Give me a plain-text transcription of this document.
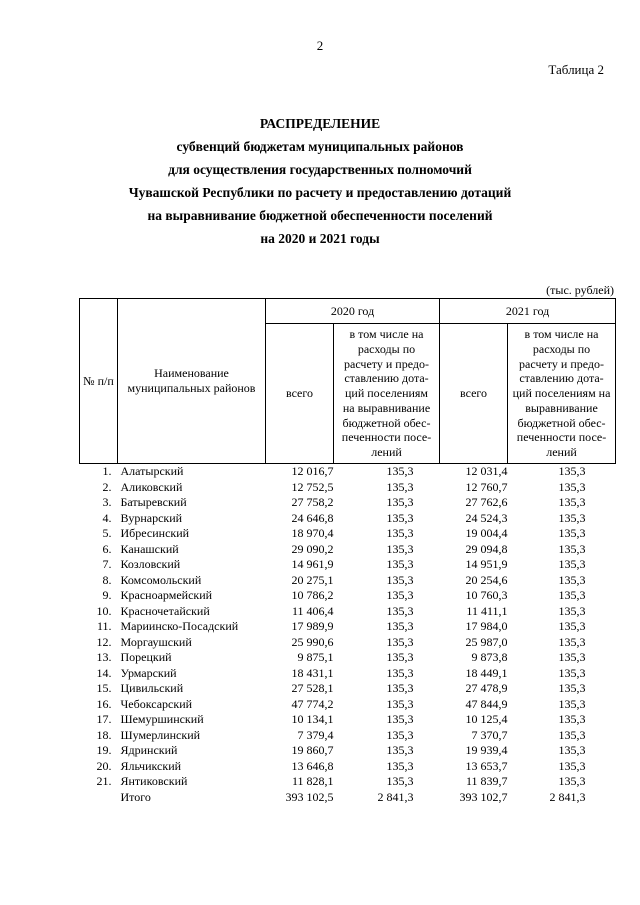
2
Таблица 2
РАСПРЕДЕЛЕНИЕ
субвенций бюджетам муниципальных районов
для осуществления государственных полномочий
Чувашской Республики по расчету и предоставлению дотаций
на выравнивание бюджетной обеспеченности поселений
на 2020 и 2021 годы
(тыс. рублей)
№ п/п	Наименование муниципальных районов	2020 год		2021 год	
		всего	в том числе на расходы по расчету и предо-ставлению дота-ций поселениям на выравнивание бюджетной обес-печенности посе-лений	всего	в том числе на расходы по расчету и предо-ставлению дота-ций поселениям на выравнивание бюджетной обес-печенности посе-лений
1.	Алатырский	12 016,7	135,3	12 031,4	135,3
2.	Аликовский	12 752,5	135,3	12 760,7	135,3
3.	Батыревский	27 758,2	135,3	27 762,6	135,3
4.	Вурнарский	24 646,8	135,3	24 524,3	135,3
5.	Ибресинский	18 970,4	135,3	19 004,4	135,3
6.	Канашский	29 090,2	135,3	29 094,8	135,3
7.	Козловский	14 961,9	135,3	14 951,9	135,3
8.	Комсомольский	20 275,1	135,3	20 254,6	135,3
9.	Красноармейский	10 786,2	135,3	10 760,3	135,3
10.	Красночетайский	11 406,4	135,3	11 411,1	135,3
11.	Мариинско-Посадский	17 989,9	135,3	17 984,0	135,3
12.	Моргаушский	25 990,6	135,3	25 987,0	135,3
13.	Порецкий	9 875,1	135,3	9 873,8	135,3
14.	Урмарский	18 431,1	135,3	18 449,1	135,3
15.	Цивильский	27 528,1	135,3	27 478,9	135,3
16.	Чебоксарский	47 774,2	135,3	47 844,9	135,3
17.	Шемуршинский	10 134,1	135,3	10 125,4	135,3
18.	Шумерлинский	7 379,4	135,3	7 370,7	135,3
19.	Ядринский	19 860,7	135,3	19 939,4	135,3
20.	Яльчикский	13 646,8	135,3	13 653,7	135,3
21.	Янтиковский	11 828,1	135,3	11 839,7	135,3
	Итого	393 102,5	2 841,3	393 102,7	2 841,3
